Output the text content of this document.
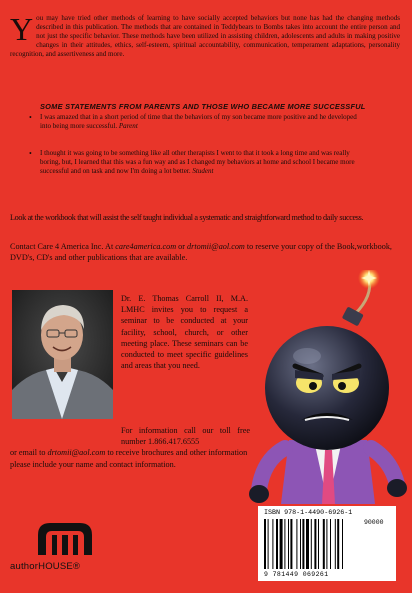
You may have tried other methods of learning to have socially accepted behaviors but none has had the changing methods described in this publication. The methods that are contained in Teddybears to Bombs takes into account the entire person and not just the specific behavior. These methods have been utilized in assisting children, adolescents and adults in making positive changes in their attitudes, ethics, self-esteem, spiritual accountability, communication, temperament adaptations, personality recognition, and assertiveness and more.
SOME STATEMENTS FROM PARENTS AND THOSE WHO BECAME MORE SUCCESSFUL
• I was amazed that in a short period of time that the behaviors of my son became more positive and he developed into being more successful. Parent
• I thought it was going to be something like all other therapists I went to that it took a long time and was really boring, but, I learned that this was a fun way and as I changed my behaviors at home and school I became more successful and on task and now I'm doing a lot better. Student
Look at the workbook that will assist the self taught individual a systematic and straightforward method to daily success.
Contact Care 4 America Inc. At care4america.com or drtomii@aol.com to reserve your copy of the Book,workbook, DVD's, CD's and other publications that are available.
Dr. E. Thomas Carroll II, M.A. LMHC invites you to request a seminar to be conducted at your facility, school, church, or other meeting place. These seminars can be conducted to meet specific guidelines and areas that you need.
For information call our toll free number 1.866.417.6555
or email to drtomii@aol.com to receive brochures and other information please include your name and contact information.
authorHOUSE®
ISBN 978-1-4490-6926-1
90000
9 781449 069261
